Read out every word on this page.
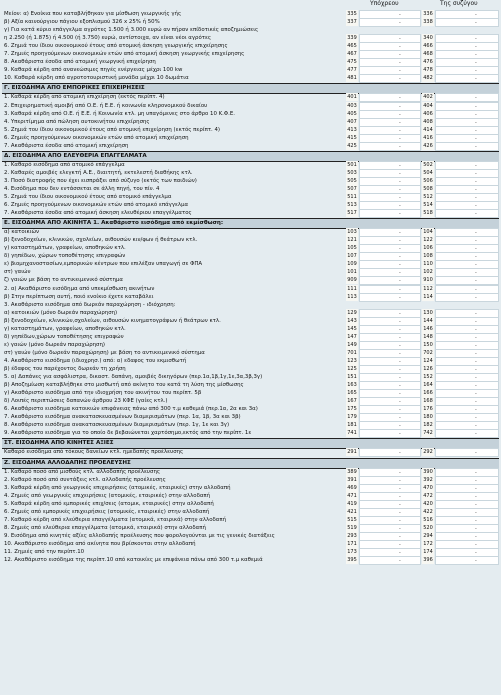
Υπόχρεου	Της συζύγου
Μείον: α) Ενοίκια που καταβλήθηκαν για μίσθωση γεωργικής γής	335	.	336	.
β) Αξία καινούργιου πάγιου εξοπλισμού 326 x 25% ή 50%	337	.	338	.
γ) Για κατά κύριο επάγγελμα αγρότες 1.500 ή 3.000 ευρώ αν πήραν επίδοτικές αποζημιώσεις
η 2.250 (ή 1.875) ή 4.500 (ή 3.750) ευρώ, αντίστοιχα, αν είναι νέοι αγρότες	339	.	340	.
6. Ζημιά του ίδιου οικονομικού έτους από ατομική άσκηση γεωργικής επιχείρησης	465	.	466	.
7. Ζημιές προηγούμενων οικονομικών ετών από ατομική άσκηση γεωργικής επιχείρησης	467	.	468	.
8. Ακαθάριστα έσοδα από ατομική γεωργική επιχείρηση	475	.	476	.
9. Καθαρά κέρδη από ανανεώσιμες πηγές ενέργειας μέχρι 100 kw	477	.	478	.
10. Καθαρά κέρδη από αγροτοτουριστική μονάδα μέχρι 10 δωμάτια	481	.	482	.
Γ. ΕΙΣΟΔΗΜΑ ΑΠΟ ΕΜΠΟΡΙΚΕΣ ΕΠΙΧΕΙΡΗΣΕΙΣ
1. Καθαρά κέρδη από ατομική επιχείρηση (εκτός περίπτ. 4)	401	.	402	.
2. Επιχειρηματική αμοιβή από Ο.Ε. ή Ε.Ε. ή κοινωνία κληρονομικού δικαίου	403	.	404	.
3. Καθαρά κέρδη από Ο.Ε. ή Ε.Ε. ή Κοινωνία κτλ. μη υπαγόμενες στο άρθρο 10 Κ.Φ.Ε.	405	.	406	.
4. Υπεριτίμημα από πώληση αυτοκινήτου επιχείρησης	407	.	408	.
5. Ζημιά του ίδιου οικονομικού έτους από ατομική επιχείρηση (εκτός περίπτ. 4)	413	.	414	.
6. Ζημιές προηγούμενων οικονομικών ετών από ατομική επιχείρηση	415	.	416	.
7. Ακαθάριστα έσοδα από ατομική επιχείρηση	425	.	426	.
Δ. ΕΙΣΟΔΗΜΑ ΑΠΟ ΕΛΕΥΘΕΡΙΑ ΕΠΑΓΓΕΛΜΑΤΑ
1. Καθαρό εισόδημα από ατομικό επάγγελμα	501	.	502	.
2. Καθαρές αμοιβές ελεγκτή Α.Ε., διαιτητή, εκτελεστή διαθήκης κτλ.	503	.	504	.
3. Ποσό διατροφής που έχει εισπράξει από σύζυγο (εκτός των παιδιών)	505	.	506	.
4. Εισόδημα που δεν εντάσσεται σε άλλη πηγή, του πίν. 4	507	.	508	.
5. Ζημιά του ίδιου οικονομικού έτους από ατομικό επάγγελμα	511	.	512	.
6. Ζημιές προηγούμενων οικονομικών ετών από ατομικό επάγγελμα	513	.	514	.
7. Ακαθάριστα έσοδα από ατομική άσκηση ελευθέριου επαγγέλματος	517	.	518	.
Ε. ΕΙΣΟΔΗΜΑ ΑΠΟ ΑΚΙΝΗΤΑ 1. Ακαθάριστο εισόδημα από εκμίσθωση:
α) κατοικιών	103	.	104	.
β) ξενοδοχείων, κλινικών, σχολείων, αιθουσών κιν/φων ή θεάτρων κτλ.	121	.	122	.
γ) καταστημάτων, γραφείων, αποθηκών κτλ.	105	.	106	.
δ) γηπέδων, χώρων τοποθέτησης επιγραφών	107	.	108	.
ε) βιομηχανοστασίων,εμπορικών κέντρων που επιλέξαν υπαγωγή σε ΦΠΑ	109	.	110	.
στ) γαιών	101	.	102	.
ζ) γαιών με βάση το αντικειμενικό σύστημα	909	.	910	.
2. α) Ακαθάριστο εισόδημα από υπεκμίσθωση ακινήτων	111	.	112	.
β) Στην περίπτωση αυτή, ποιό ενοίκιο έχετε καταβάλει	113	.	114	.
3. Ακαθάριστο εισόδημα από δωρεάν παραχώρηση - ιδιόχρηση:
α) κατοικιών (μόνο δωρεάν παραχώρηση)	129	.	130	.
β) ξενοδοχείων, κλινικών,σχολείων, αιθουσών κινηματογράφων ή θεάτρων κτλ.	143	.	144	.
γ) καταστημάτων, γραφείων, αποθηκών κτλ.	145	.	146	.
δ) γηπέδων,χώρων τοποθέτησης επιγραφών	147	.	148	.
ε) γαιών (μόνο δωρεάν παραχώρηση)	149	.	150	.
στ) γαιών (μόνο δωρεάν παραχώρηση) με βάση το αντικειμενικό σύστημα	701	.	702	.
4. Ακαθάριστο εισόδημα (ιδιοχρησ.) από: α) εδαφος του εκμισθωτή	123	.	124	.
β) έδαφος του παρέχοντος δωρεάν τη χρήση	125	.	126	.
5. α) Δαπάνες για ασφάλιστρα, δικαστ. δαπάνη, αμοιβές δικηγόρων (περ.1α,1β,1γ,1ε,3α,3β,3γ)	151	.	152	.
β) Αποζημίωση καταβλήθηκε στο μισθωτή από ακίνητο του κατά τη λύση της μίσθωσης	163	.	164	.
γ) Ακαθάριστο εισόδημα από την ιδιοχρήση του ακινήτου του περίπτ. 5β	165	.	166	.
δ) Λοιπές περιπτώσεις δαπανών άρθρου 23 ΚΦΕ (γαίες κτλ.)	167	.	168	.
6. Ακαθάριστο εισόδημα κατοικιών επιφάνειας πάνω από 300 τ.μ καθεμιά (περ.1α, 2α και 3α)	175	.	176	.
7. Ακαθάριστο εισόδημα ανακατασκευασμένων διαμερισμάτων (περ. 1α, 1β, 3α και 3β)	179	.	180	.
8. Ακαθάριστο εισόδημα ανακατασκευασμένων διαμερισμάτων (περ. 1γ, 1ε και 3γ)	181	.	182	.
9. Ακαθάριστο εισόδημα για το οποίο δε βεβαιώνεται χαρτόσημο,εκτός από την περίπτ. 1ε	741	.	742	.
ΣΤ. ΕΙΣΟΔΗΜΑ ΑΠΟ ΚΙΝΗΤΕΣ ΑΞΙΕΣ
Καθαρό εισόδημα από τόκους δανείων κτλ. ημεδαπής προέλευσης	291	.	292	.
Ζ. ΕΙΣΟΔΗΜΑ ΑΛΛΟΔΑΠΗΣ ΠΡΟΕΛΕΥΣΗΣ
1. Καθαρό ποσό από μισθούς κτλ. αλλοδαπής προέλευσης	389	.	390	.
2. Καθαρό ποσό από συντάξεις κτλ. αλλοδαπής προέλευσης	391	.	392	.
3. Καθαρά κέρδη από γεωργικές επιχειρήσεις (ατομικές, εταιρικές) στην αλλοδαπή	469	.	470	.
4. Ζημιές από γεωργικές επιχειρήσεις (ατομικές, εταιρικές) στην αλλοδαπή	471	.	472	.
5. Καθαρά κέρδη από εμπορικές επιχ/σεις (ατομικ, εταιρικές) στην αλλοδαπή	419	.	420	.
6. Ζημιές από εμπορικές επιχειρήσεις (ατομικές, εταιρικές) στην αλλοδαπή	421	.	422	.
7. Καθαρό κέρδη από ελεύθερια επαγγέλματα (ατομικά, εταιρικά) στην αλλοδαπή	515	.	516	.
8. Ζημιές από ελεύθερια επαγγέλματα (ατομικά, εταιρικά) στην αλλοδαπή	519	.	520	.
9. Εισόδημα από κινητές αξίες αλλοδαπής προέλευσης που φορολογούνται με τις γενικές διατάξεις	293	.	294	.
10. Ακαθάριστο εισόδημα από ακίνητα που βρίσκονται στην αλλοδαπή	171	.	172	.
11. Ζημιές από την περίπτ.10	173	.	174	.
12. Ακαθάριστο εισόδημα της περίπτ.10 από κατοικίες με επιφάνεια πάνω από 300 τ.μ καθεμιά	395	.	396	.
